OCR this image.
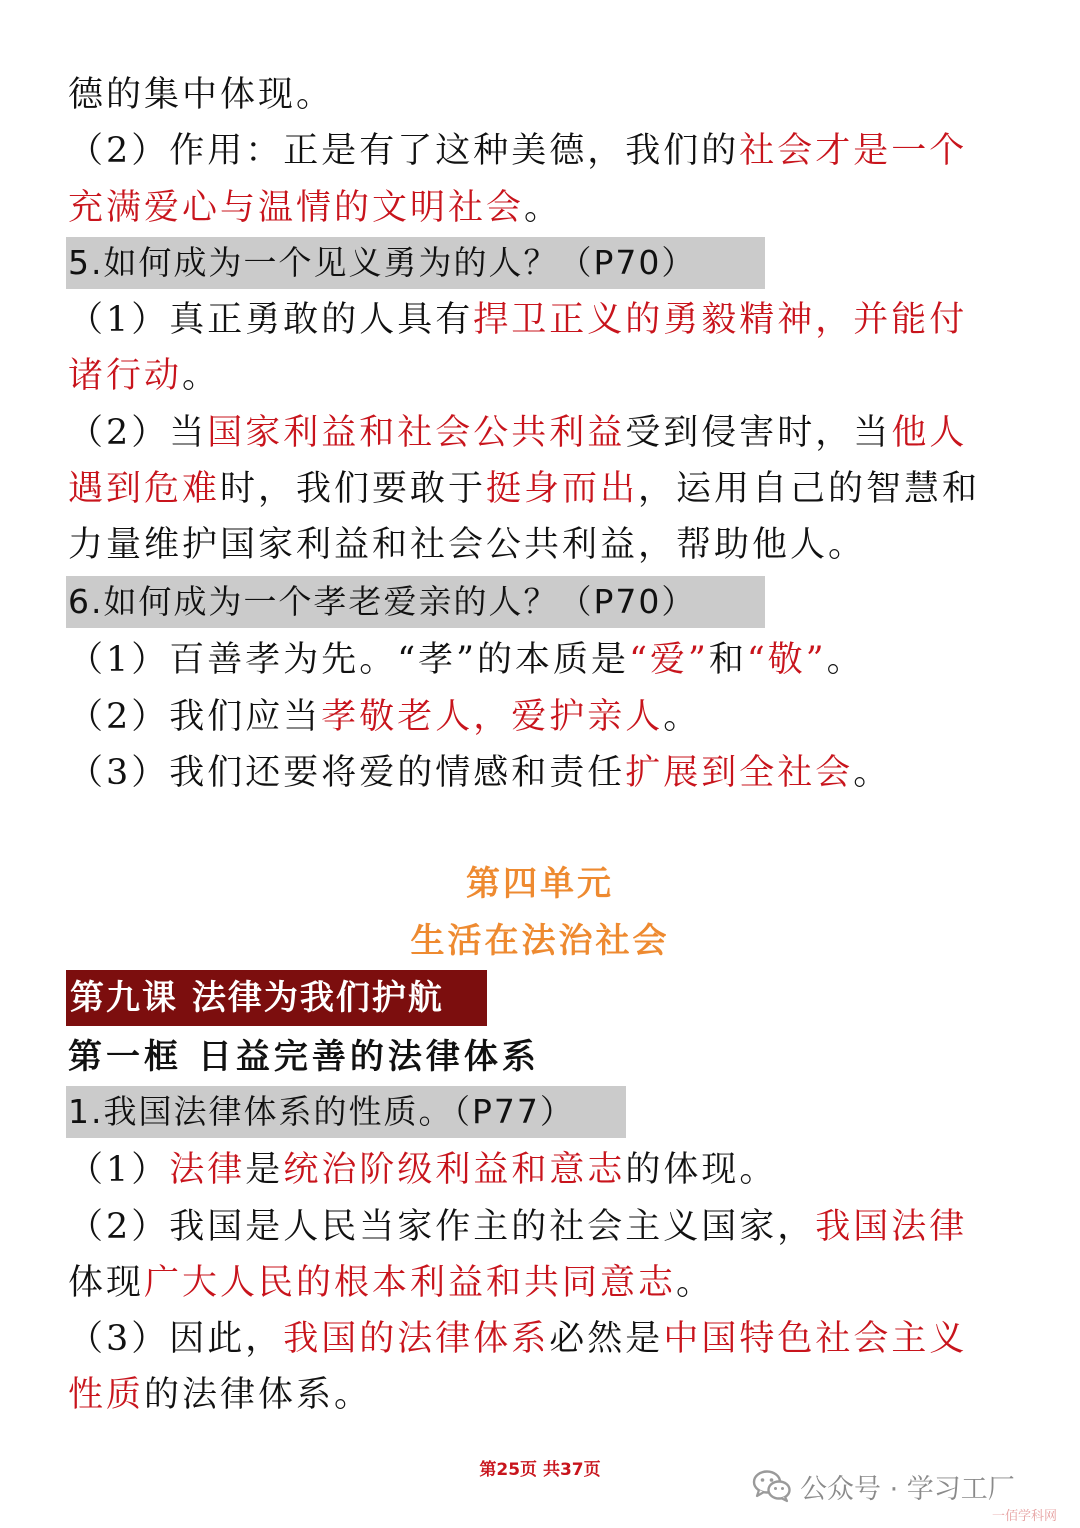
德的集中体现。
（2）作用：正是有了这种美德，我们的社会才是一个
充满爱心与温情的文明社会。
5.如何成为一个见义勇为的人？（P70）
（1）真正勇敢的人具有捍卫正义的勇毅精神，并能付
诸行动。
（2）当国家利益和社会公共利益受到侵害时，当他人
遇到危难时，我们要敢于挺身而出，运用自己的智慧和
力量维护国家利益和社会公共利益，帮助他人。
6.如何成为一个孝老爱亲的人？（P70）
（1）百善孝为先。“孝”的本质是“爱”和“敬”。
（2）我们应当孝敬老人，爱护亲人。
（3）我们还要将爱的情感和责任扩展到全社会。
第四单元
生活在法治社会
第九课 法律为我们护航
第一框 日益完善的法律体系
1.我国法律体系的性质。（P77）
（1）法律是统治阶级利益和意志的体现。
（2）我国是人民当家作主的社会主义国家，我国法律
体现广大人民的根本利益和共同意志。
（3）因此，我国的法律体系必然是中国特色社会主义
性质的法律体系。
第25页 共37页
公众号 · 学习工厂
一佰学科网
